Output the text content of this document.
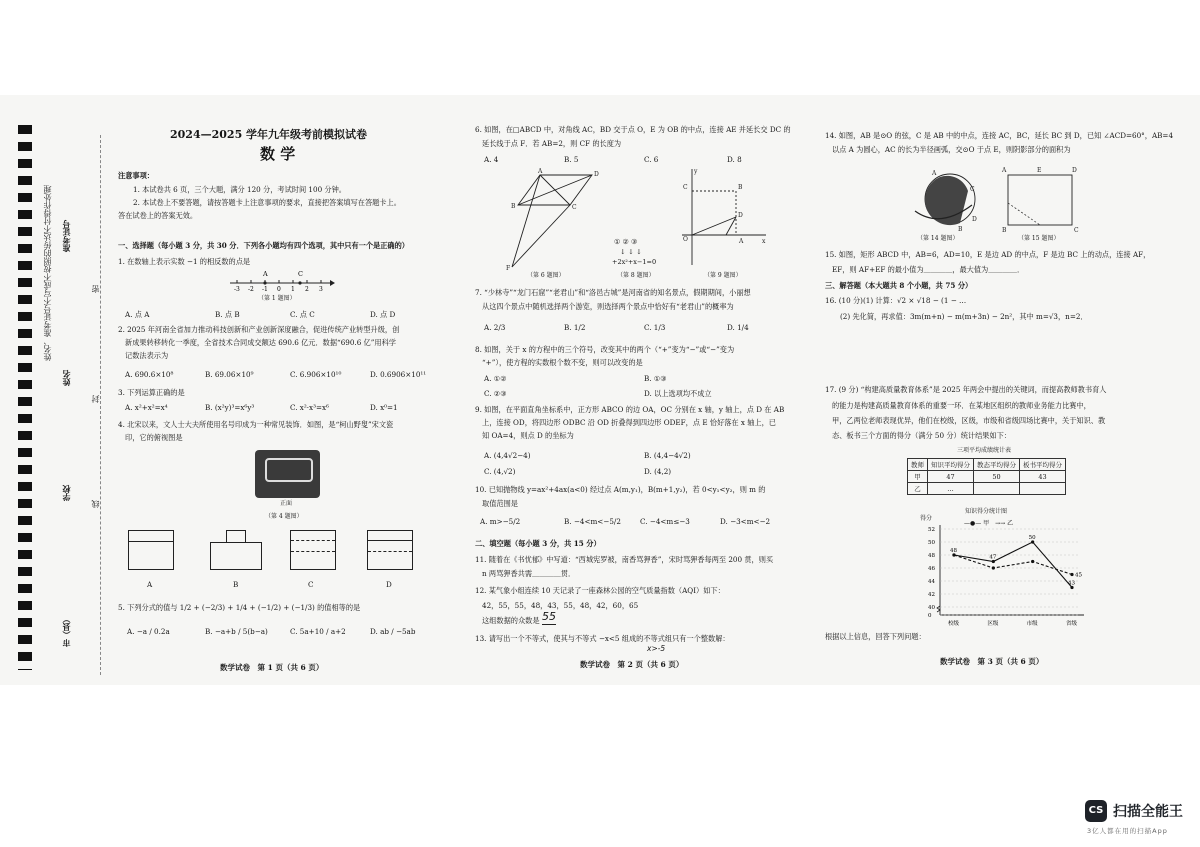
姓名、准考证号不写成不按照的传达不付得作处理 准考证号
姓名
学校
市（县）
密
封
线
2024—2025 学年九年级考前模拟试卷
数 学
注意事项：
1. 本试卷共 6 页，三个大题，满分 120 分，考试时间 100 分钟。
2. 本试卷上不要答题，请按答题卡上注意事项的要求，直接把答案填写在答题卡上。
答在试卷上的答案无效。
一、选择题（每小题 3 分，共 30 分．下列各小题均有四个选项，其中只有一个是正确的）
1. 在数轴上表示实数 −1 的相反数的点是
A	C
-3 -2 -1 0 1 2 3
（第 1 题图）
A. 点 A	B. 点 B	C. 点 C	D. 点 D
2. 2025 年河南全省加力推动科技创新和产业创新深度融合，促进传统产业转型升级，创
新成果转移转化一季度，全省技术合同成交额达 690.6 亿元．数据“690.6 亿”用科学
记数法表示为
A. 690.6×10⁸	B. 69.06×10⁹	C. 6.906×10¹⁰	D. 0.6906×10¹¹
3. 下列运算正确的是
A. x²+x²=x⁴	B. (x²y)³=x⁶y³	C. x²·x³=x⁶	D. x⁰=1
4. 北宋以来，文人士大夫所使用名号印成为一种常见装饰．如图，是“柯山野叟”宋文瓷
印，它的俯视图是
正面
（第 4 题图）
A	B	C	D
5. 下列分式的值与 1/2 + (−2/3) + 1/4 + (−1/2) + (−1/3) 的值相等的是
A. −a / 0.2a	B. −a+b / 5(b−a)	C. 5a+10 / a+2	D. ab / −5ab
数学试卷　第 1 页（共 6 页）
6. 如图，在□ABCD 中，对角线 AC，BD 交于点 O，E 为 OB 的中点，连接 AE 并延长交 DC 的
延长线于点 F．若 AB=2，则 CF 的长度为
A. 4	B. 5	C. 6	D. 8
A	D
B	C
F
（第 6 题图）
① ② ③
↓ ↓ ↓
+2x²+x−1=0
（第 8 题图）
C	B
D
O	A	x
y
（第 9 题图）
7. “少林寺”“龙门石窟”“老君山”和“洛邑古城”是河南省的知名景点，假期期间，小丽想
从这四个景点中随机选择两个游览，则选择两个景点中恰好有“老君山”的概率为
A. 2/3	B. 1/2	C. 1/3	D. 1/4
8. 如图，关于 x 的方程中的三个符号，改变其中的两个（“+”变为“−”或“−”变为
“+”），使方程的实数根个数不变，则可以改变的是
A. ①②	B. ①③
C. ②③	D. 以上选项均不成立
9. 如图，在平面直角坐标系中，正方形 ABCO 的边 OA，OC 分别在 x 轴，y 轴上，点 D 在 AB
上，连接 OD，将四边形 ODBC 沿 OD 折叠得到四边形 ODEF，点 E 恰好落在 x 轴上，已
知 OA=4，则点 D 的坐标为
A. (4,4√2−4)	B. (4,4−4√2)
C. (4,√2)	D. (4,2)
10. 已知抛物线 y=ax²+4ax(a<0) 经过点 A(m,y₁)，B(m+1,y₂)，若 0<y₁<y₂，则 m 的
取值范围是
A. m>−5/2	B. −4<m<−5/2	C. −4<m≤−3	D. −3<m<−2
二、填空题（每小题 3 分，共 15 分）
11. 随着在《书忧郁》中写道：“西城宪罗被，南香骂狎香”，宋时骂狎香每两至 200 贯，则买
n 两骂狎香共需＿＿＿＿贯．
12. 某气象小组连续 10 天记录了一座森林公园的空气质量指数（AQI）如下：
42，55，55，48，43，55，48，42，60，65
这组数据的众数是 55
13. 请写出一个不等式，使其与不等式 −x<5 组成的不等式组只有一个整数解：
x>-5
数学试卷　第 2 页（共 6 页）
14. 如图，AB 是⊙O 的弦，C 是 AB 中的中点，连接 AC，BC，延长 BC 到 D，已知 ∠ACD=60°，AB=4
以点 A 为圆心，AC 的长为半径画弧，交⊙O 于点 E，则阴影部分的面积为
A
C
D
B
（第 14 题图）
A	E	D
B	C
（第 15 题图）
15. 如图，矩形 ABCD 中，AB=6，AD=10，E 是边 AD 的中点，F 是边 BC 上的动点，连接 AF，
EF，则 AF+EF 的最小值为＿＿＿＿，最大值为＿＿＿＿．
三、解答题（本大题共 8 个小题，共 75 分）
16. (10 分)(1) 计算：√2 × √18 − (1 − …
(2) 先化简，再求值：3m(m+n) − m(m+3n) − 2n²，其中 m=√3，n=2．
17. (9 分) “构建高质量教育体系”是 2025 年两会中提出的关键词，而提高教师教书育人
的能力是构建高质量教育体系的重要一环．在某地区组织的教师业务能力比赛中，
甲，乙两位老师表现优异，他们在校级，区级，市级和省级四场比赛中，关于知识、教
态、板书三个方面的得分（满分 50 分）统计结果如下：
三项平均成绩统计表
教师	知识平均得分	教态平均得分	板书平均得分
甲	47	50	43
乙	…		
知识得分统计图
得分
—●— 甲　→→ 乙
0
40
42
44
46
48
50
52
校级	区级	市级	省级
48
47
50
43
45
根据以上信息，回答下列问题：
数学试卷　第 3 页（共 6 页）
CS 扫描全能王
3亿人都在用的扫描App
